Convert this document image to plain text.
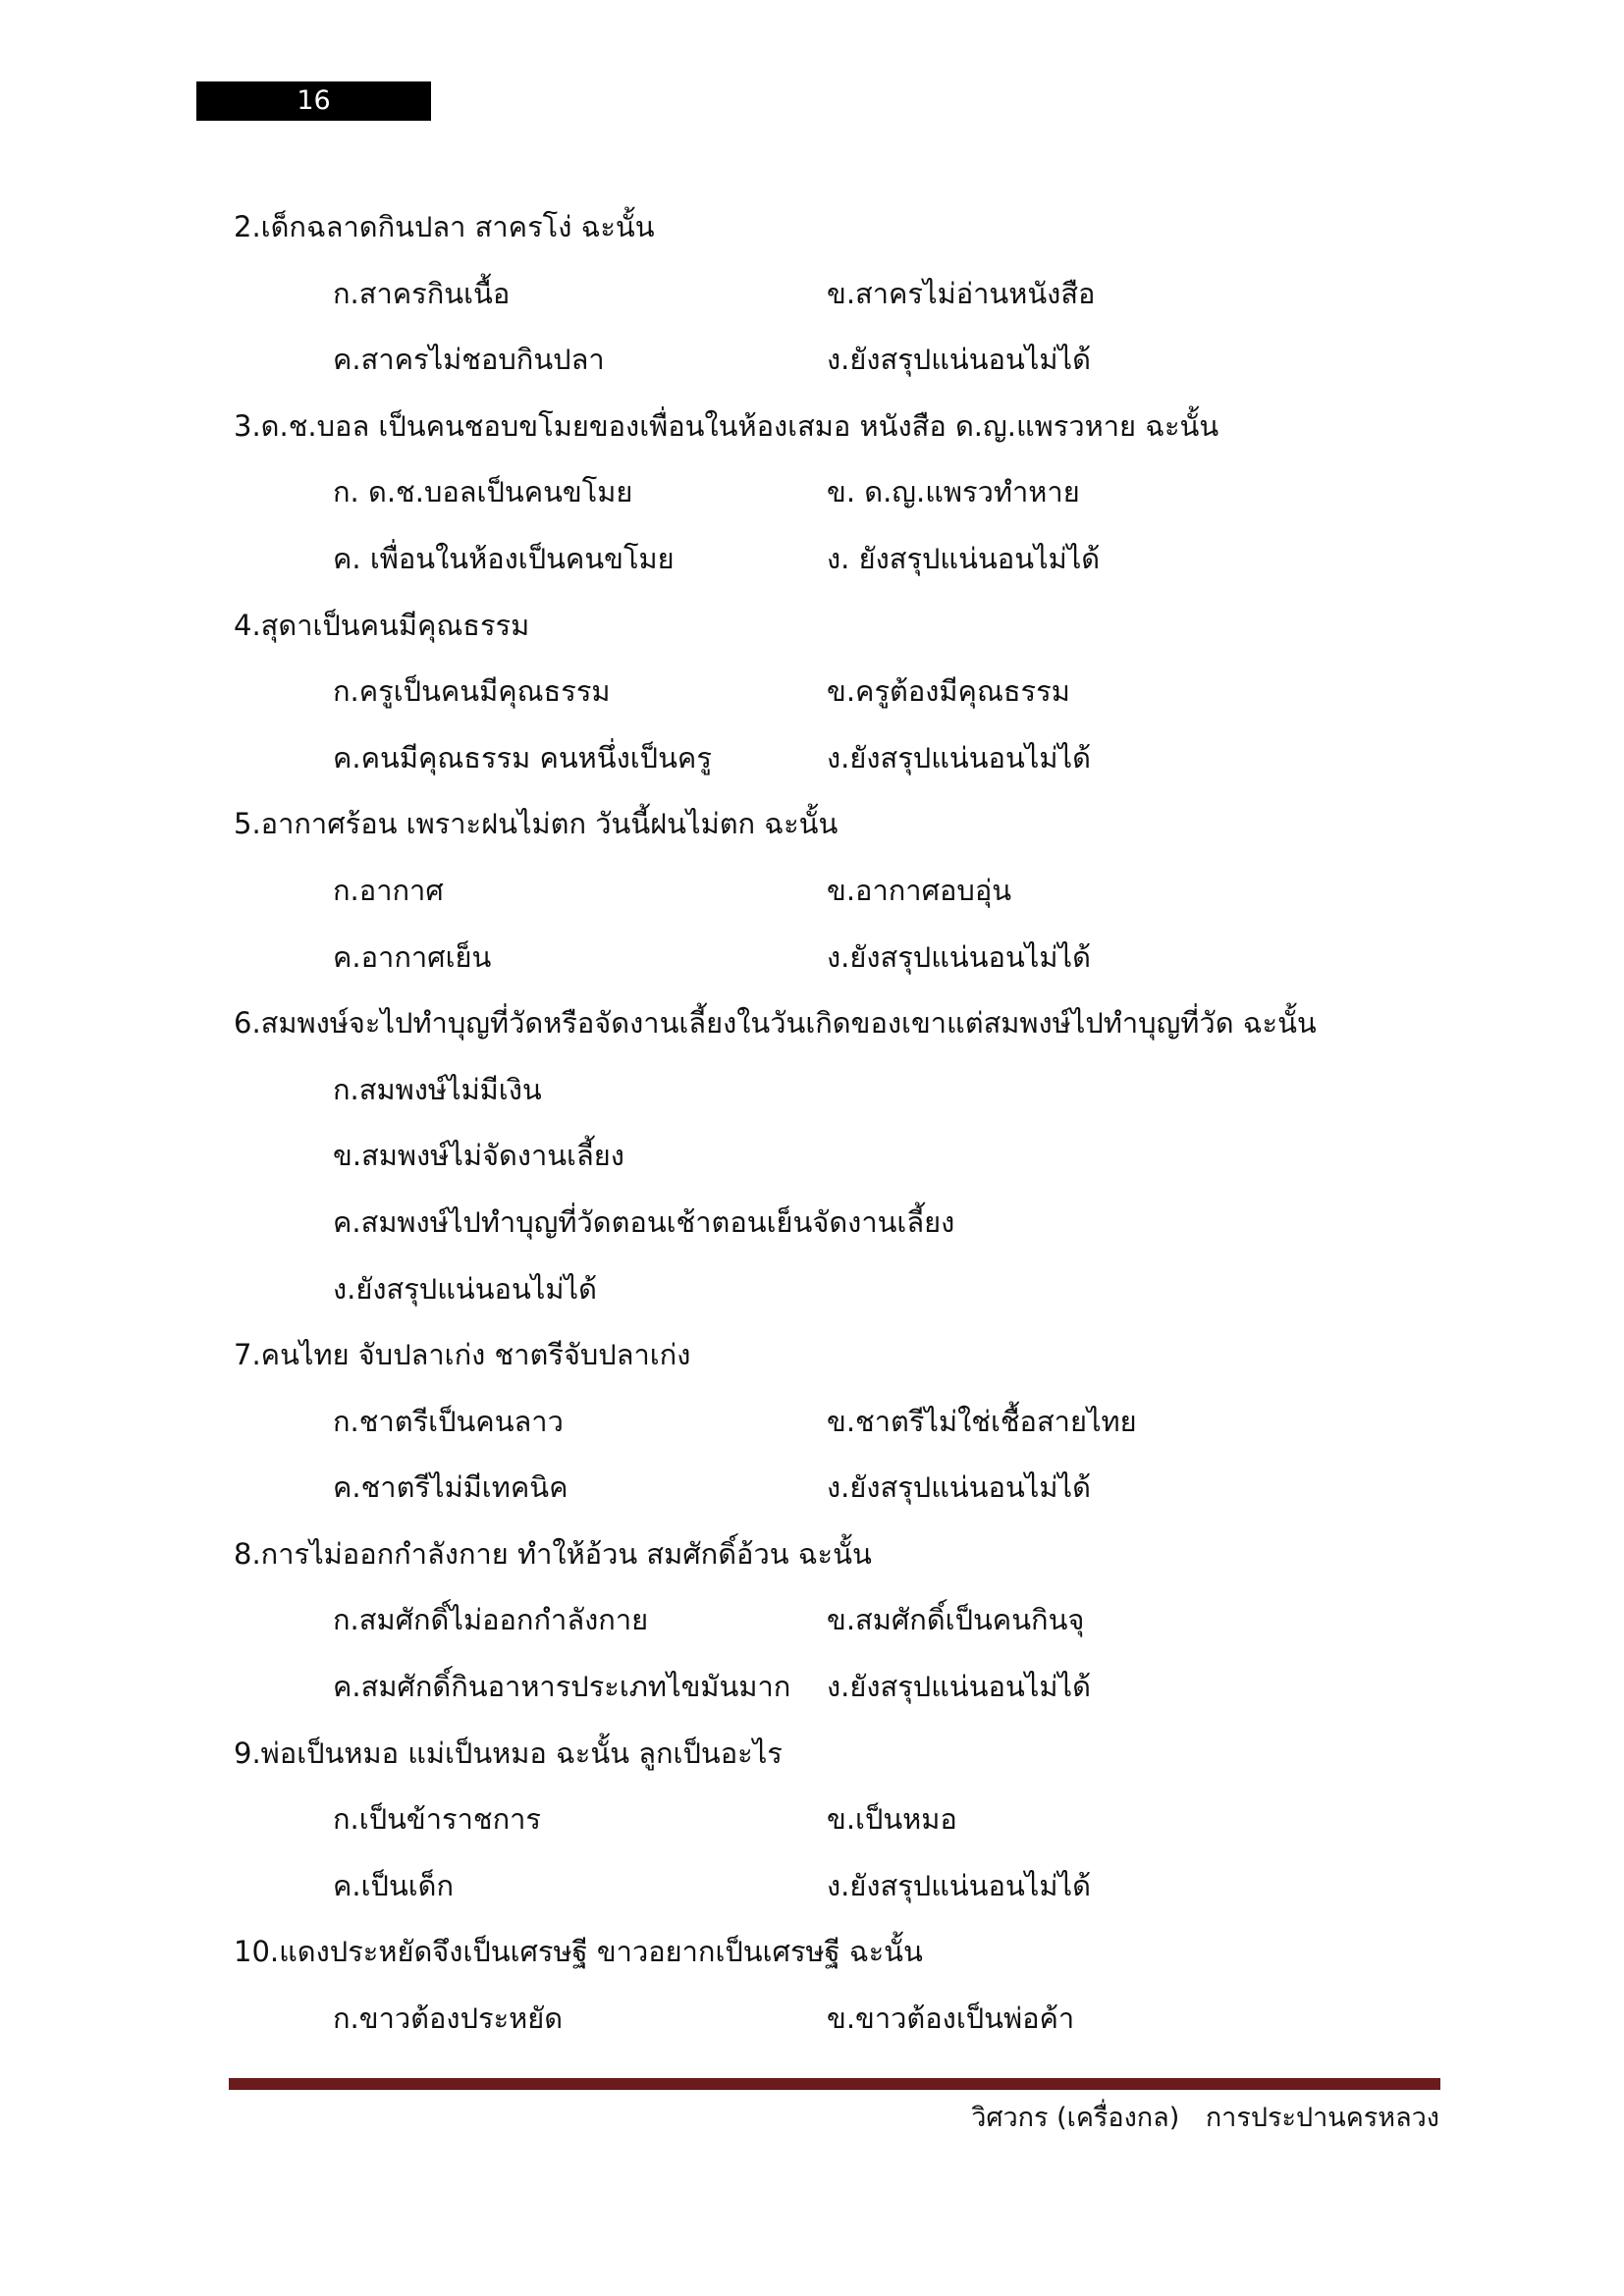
16
2.เด็กฉลาดกินปลา สาครโง่ ฉะนั้น
ก.สาครกินเนื้อ	ข.สาครไม่อ่านหนังสือ
ค.สาครไม่ชอบกินปลา	ง.ยังสรุปแน่นอนไม่ได้
3.ด.ช.บอล เป็นคนชอบขโมยของเพื่อนในห้องเสมอ หนังสือ ด.ญ.แพรวหาย ฉะนั้น
ก. ด.ช.บอลเป็นคนขโมย	ข. ด.ญ.แพรวทำหาย
ค. เพื่อนในห้องเป็นคนขโมย	ง. ยังสรุปแน่นอนไม่ได้
4.สุดาเป็นคนมีคุณธรรม
ก.ครูเป็นคนมีคุณธรรม	ข.ครูต้องมีคุณธรรม
ค.คนมีคุณธรรม คนหนึ่งเป็นครู	ง.ยังสรุปแน่นอนไม่ได้
5.อากาศร้อน เพราะฝนไม่ตก วันนี้ฝนไม่ตก ฉะนั้น
ก.อากาศ	ข.อากาศอบอุ่น
ค.อากาศเย็น	ง.ยังสรุปแน่นอนไม่ได้
6.สมพงษ์จะไปทำบุญที่วัดหรือจัดงานเลี้ยงในวันเกิดของเขาแต่สมพงษ์ไปทำบุญที่วัด ฉะนั้น
ก.สมพงษ์ไม่มีเงิน
ข.สมพงษ์ไม่จัดงานเลี้ยง
ค.สมพงษ์ไปทำบุญที่วัดตอนเช้าตอนเย็นจัดงานเลี้ยง
ง.ยังสรุปแน่นอนไม่ได้
7.คนไทย จับปลาเก่ง ชาตรีจับปลาเก่ง
ก.ชาตรีเป็นคนลาว	ข.ชาตรีไม่ใช่เชื้อสายไทย
ค.ชาตรีไม่มีเทคนิค	ง.ยังสรุปแน่นอนไม่ได้
8.การไม่ออกกำลังกาย ทำให้อ้วน สมศักดิ์อ้วน ฉะนั้น
ก.สมศักดิ์ไม่ออกกำลังกาย	ข.สมศักดิ์เป็นคนกินจุ
ค.สมศักดิ์กินอาหารประเภทไขมันมาก	ง.ยังสรุปแน่นอนไม่ได้
9.พ่อเป็นหมอ แม่เป็นหมอ ฉะนั้น ลูกเป็นอะไร
ก.เป็นข้าราชการ	ข.เป็นหมอ
ค.เป็นเด็ก	ง.ยังสรุปแน่นอนไม่ได้
10.แดงประหยัดจึงเป็นเศรษฐี ขาวอยากเป็นเศรษฐี ฉะนั้น
ก.ขาวต้องประหยัด	ข.ขาวต้องเป็นพ่อค้า
วิศวกร (เครื่องกล) การประปานครหลวง
